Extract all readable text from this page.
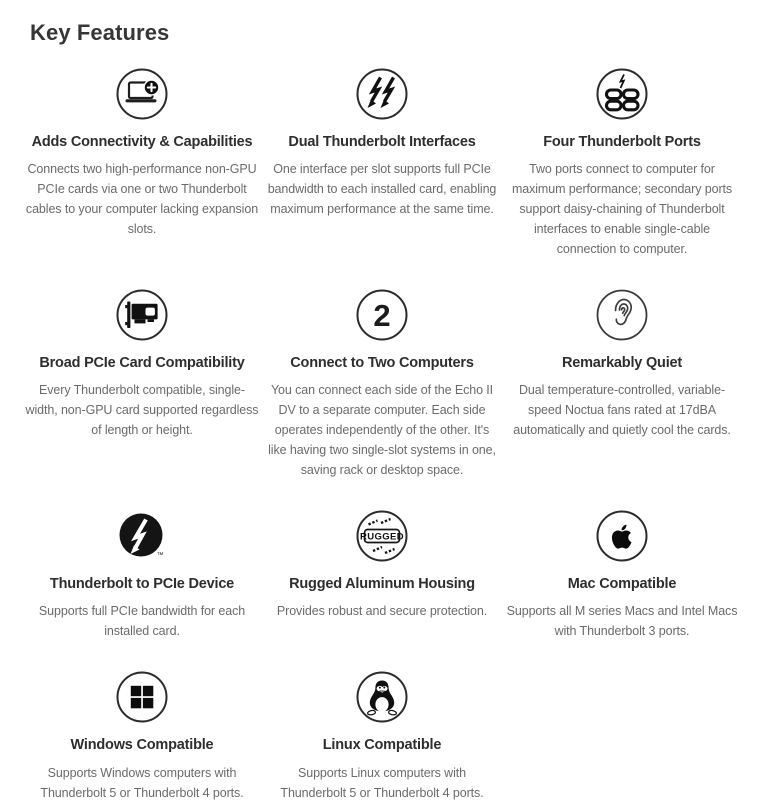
Key Features
Adds Connectivity & Capabilities

Connects two high-performance non-GPU PCIe cards via one or two Thunderbolt cables to your computer lacking expansion slots.

Dual Thunderbolt Interfaces

One interface per slot supports full PCIe bandwidth to each installed card, enabling maximum performance at the same time.

Four Thunderbolt Ports

Two ports connect to computer for maximum performance; secondary ports support daisy-chaining of Thunderbolt interfaces to enable single-cable connection to computer.

Broad PCIe Card Compatibility

Every Thunderbolt compatible, single-width, non-GPU card supported regardless of length or height.

2
Connect to Two Computers

You can connect each side of the Echo II DV to a separate computer. Each side operates independently of the other. It's like having two single-slot systems in one, saving rack or desktop space.

Remarkably Quiet

Dual temperature-controlled, variable-speed Noctua fans rated at 17dBA automatically and quietly cool the cards.

™
Thunderbolt to PCIe Device

Supports full PCIe bandwidth for each installed card.

RUGGED
Rugged Aluminum Housing

Provides robust and secure protection.

Mac Compatible

Supports all M series Macs and Intel Macs with Thunderbolt 3 ports.

Windows Compatible

Supports Windows computers with Thunderbolt 5 or Thunderbolt 4 ports.

Linux Compatible

Supports Linux computers with Thunderbolt 5 or Thunderbolt 4 ports.
